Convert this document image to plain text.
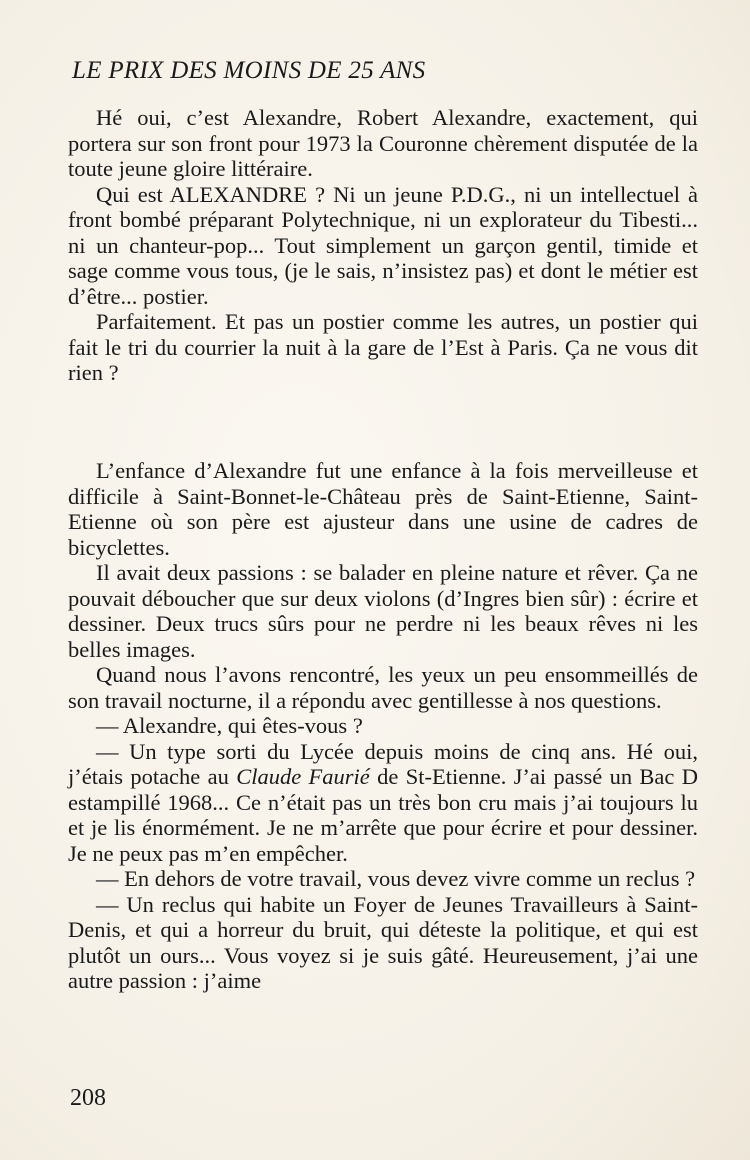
LE PRIX DES MOINS DE 25 ANS

Hé oui, c’est Alexandre, Robert Alexandre, exactement, qui portera sur son front pour 1973 la Couronne chèrement disputée de la toute jeune gloire littéraire.

Qui est ALEXANDRE ? Ni un jeune P.D.G., ni un intellectuel à front bombé préparant Polytechnique, ni un explorateur du Tibesti... ni un chanteur-pop... Tout simplement un garçon gentil, timide et sage comme vous tous, (je le sais, n’insistez pas) et dont le métier est d’être... postier.

Parfaitement. Et pas un postier comme les autres, un postier qui fait le tri du courrier la nuit à la gare de l’Est à Paris. Ça ne vous dit rien ?

L’enfance d’Alexandre fut une enfance à la fois merveilleuse et difficile à Saint-Bonnet-le-Château près de Saint-Etienne, Saint-Etienne où son père est ajusteur dans une usine de cadres de bicyclettes.

Il avait deux passions : se balader en pleine nature et rêver. Ça ne pouvait déboucher que sur deux violons (d’Ingres bien sûr) : écrire et dessiner. Deux trucs sûrs pour ne perdre ni les beaux rêves ni les belles images.

Quand nous l’avons rencontré, les yeux un peu ensommeillés de son travail nocturne, il a répondu avec gentillesse à nos questions.

— Alexandre, qui êtes-vous ?

— Un type sorti du Lycée depuis moins de cinq ans. Hé oui, j’étais potache au Claude Faurié de St-Etienne. J’ai passé un Bac D estampillé 1968... Ce n’était pas un très bon cru mais j’ai toujours lu et je lis énormément. Je ne m’arrête que pour écrire et pour dessiner. Je ne peux pas m’en empêcher.

— En dehors de votre travail, vous devez vivre comme un reclus ?

— Un reclus qui habite un Foyer de Jeunes Travailleurs à Saint-Denis, et qui a horreur du bruit, qui déteste la politique, et qui est plutôt un ours... Vous voyez si je suis gâté. Heureusement, j’ai une autre passion : j’aime

208
